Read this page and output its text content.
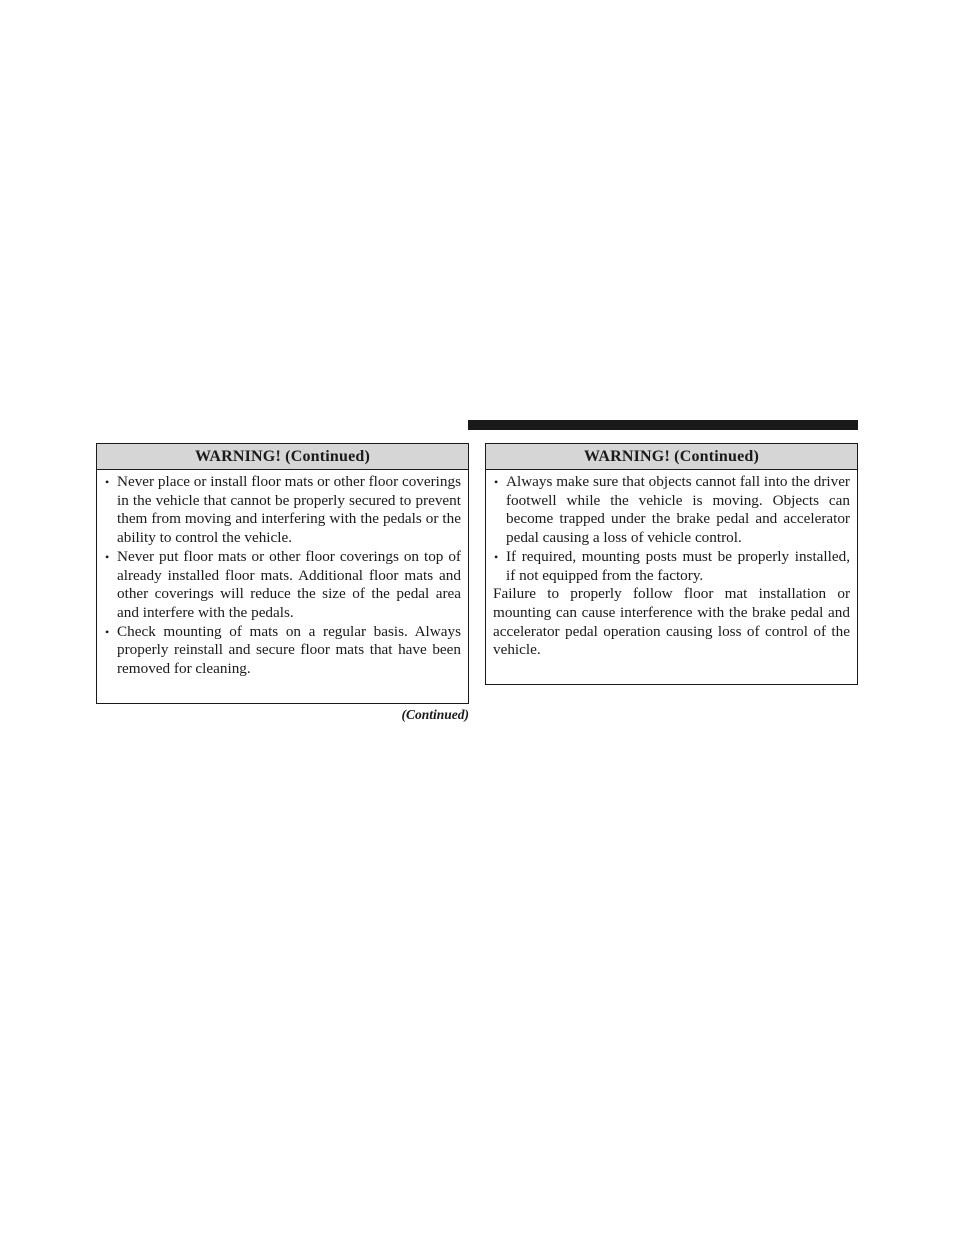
WARNING! (Continued)
• Never place or install floor mats or other floor coverings in the vehicle that cannot be properly secured to prevent them from moving and interfering with the pedals or the ability to control the vehicle.
• Never put floor mats or other floor coverings on top of already installed floor mats. Additional floor mats and other coverings will reduce the size of the pedal area and interfere with the pedals.
• Check mounting of mats on a regular basis. Always properly reinstall and secure floor mats that have been removed for cleaning.
(Continued)
WARNING! (Continued)
• Always make sure that objects cannot fall into the driver footwell while the vehicle is moving. Objects can become trapped under the brake pedal and accelerator pedal causing a loss of vehicle control.
• If required, mounting posts must be properly installed, if not equipped from the factory.

Failure to properly follow floor mat installation or mounting can cause interference with the brake pedal and accelerator pedal operation causing loss of control of the vehicle.
